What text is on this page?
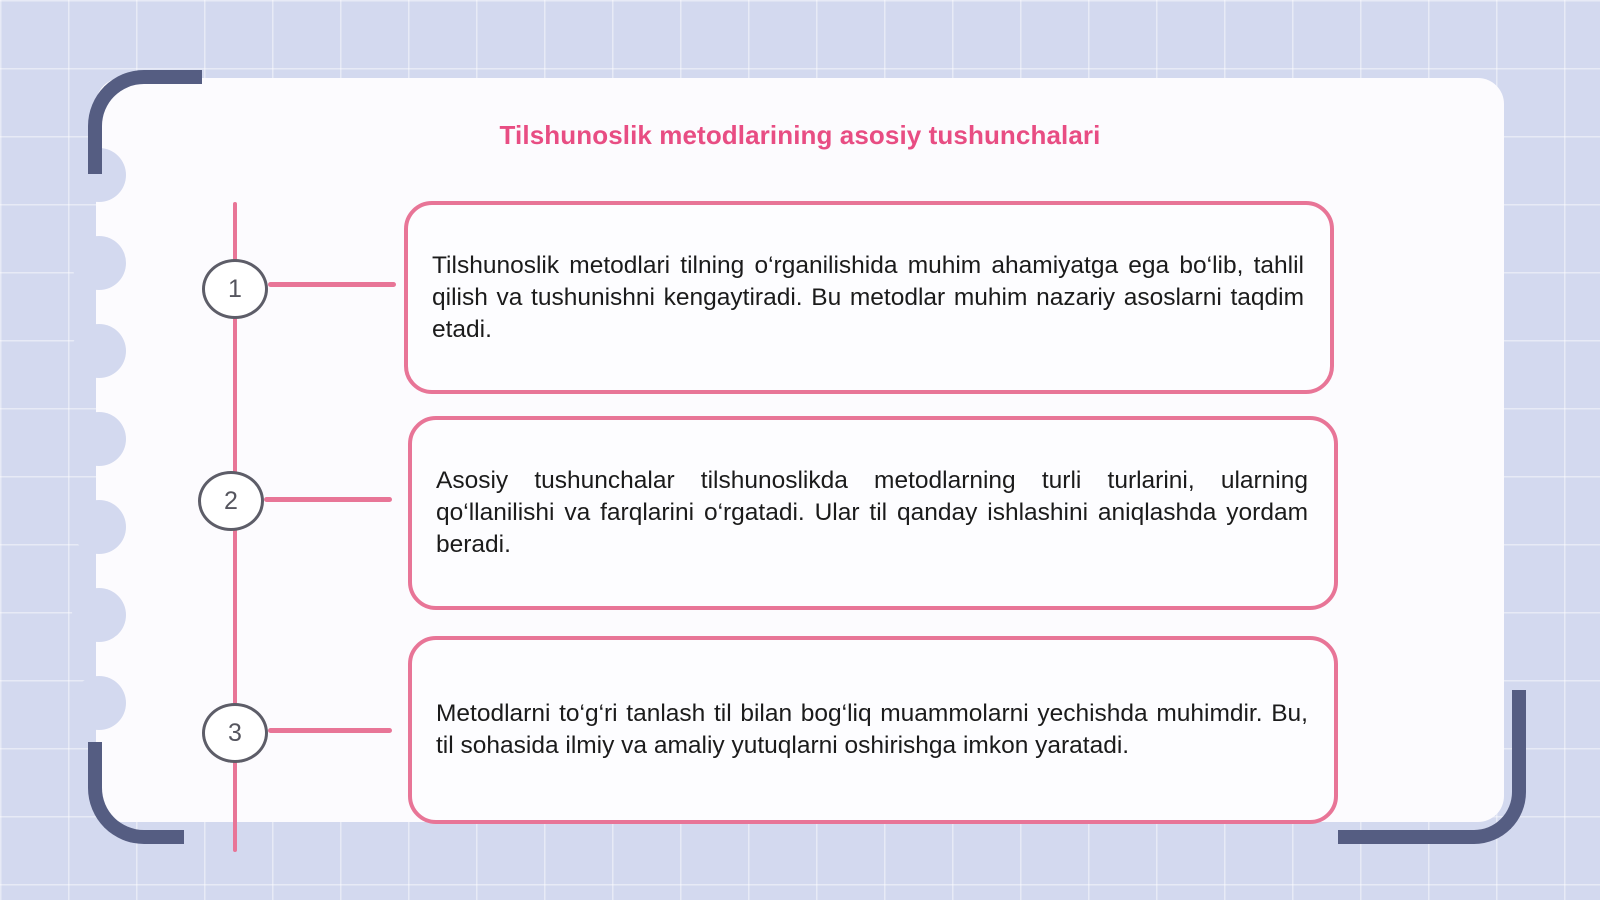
Tilshunoslik metodlarining asosiy tushunchalari
1
2
3

Tilshunoslik metodlari tilning o‘rganilishida muhim ahamiyatga ega bo‘lib, tahlil qilish va tushunishni kengaytiradi. Bu metodlar muhim nazariy asoslarni taqdim etadi.

Asosiy tushunchalar tilshunoslikda metodlarning turli turlarini, ularning qo‘llanilishi va farqlarini o‘rgatadi. Ular til qanday ishlashini aniqlashda yordam beradi.

Metodlarni to‘g‘ri tanlash til bilan bog‘liq muammolarni yechishda muhimdir. Bu, til sohasida ilmiy va amaliy yutuqlarni oshirishga imkon yaratadi.
